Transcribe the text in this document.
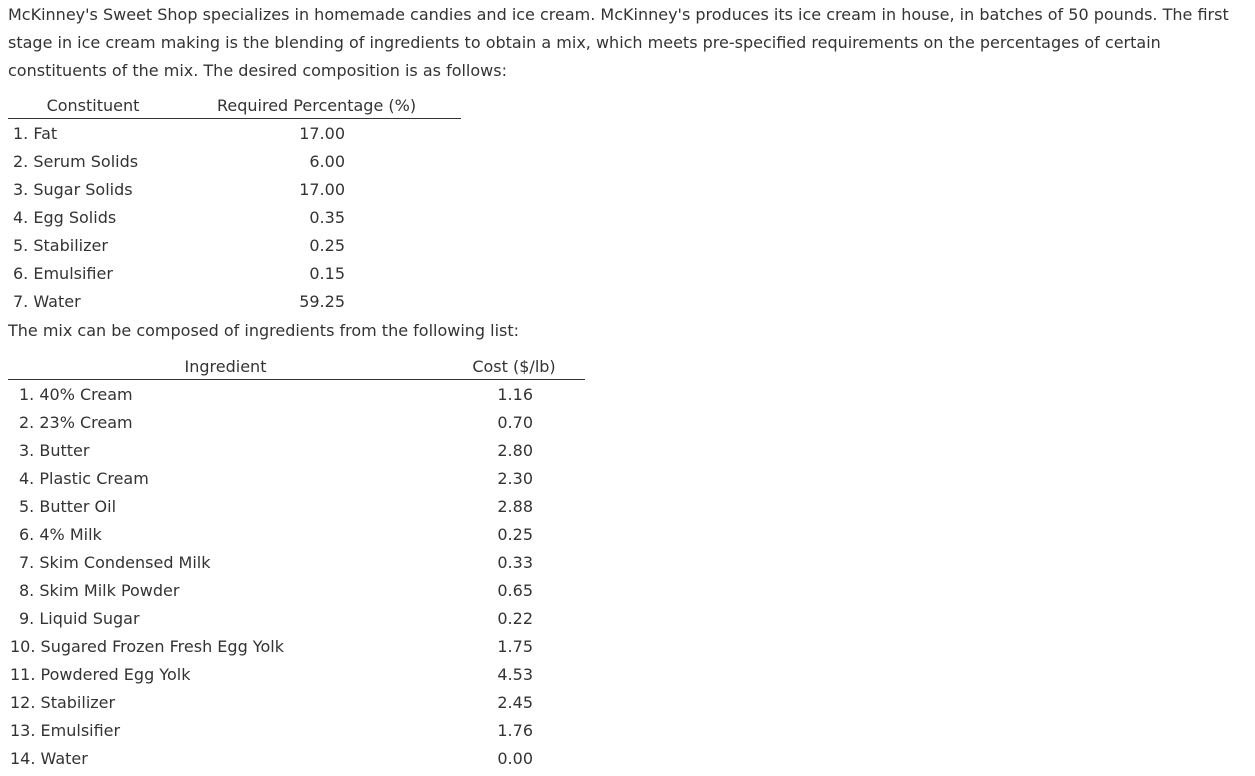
McKinney's Sweet Shop specializes in homemade candies and ice cream. McKinney's produces its ice cream in house, in batches of 50 pounds. The first stage in ice cream making is the blending of ingredients to obtain a mix, which meets pre-specified requirements on the percentages of certain constituents of the mix. The desired composition is as follows:

Constituent	Required Percentage (%)
1. Fat	17.00
2. Serum Solids	6.00
3. Sugar Solids	17.00
4. Egg Solids	0.35
5. Stabilizer	0.25
6. Emulsifier	0.15
7. Water	59.25

The mix can be composed of ingredients from the following list:

Ingredient	Cost ($/lb)
1. 40% Cream	1.16
2. 23% Cream	0.70
3. Butter	2.80
4. Plastic Cream	2.30
5. Butter Oil	2.88
6. 4% Milk	0.25
7. Skim Condensed Milk	0.33
8. Skim Milk Powder	0.65
9. Liquid Sugar	0.22
10. Sugared Frozen Fresh Egg Yolk	1.75
11. Powdered Egg Yolk	4.53
12. Stabilizer	2.45
13. Emulsifier	1.76
14. Water	0.00
